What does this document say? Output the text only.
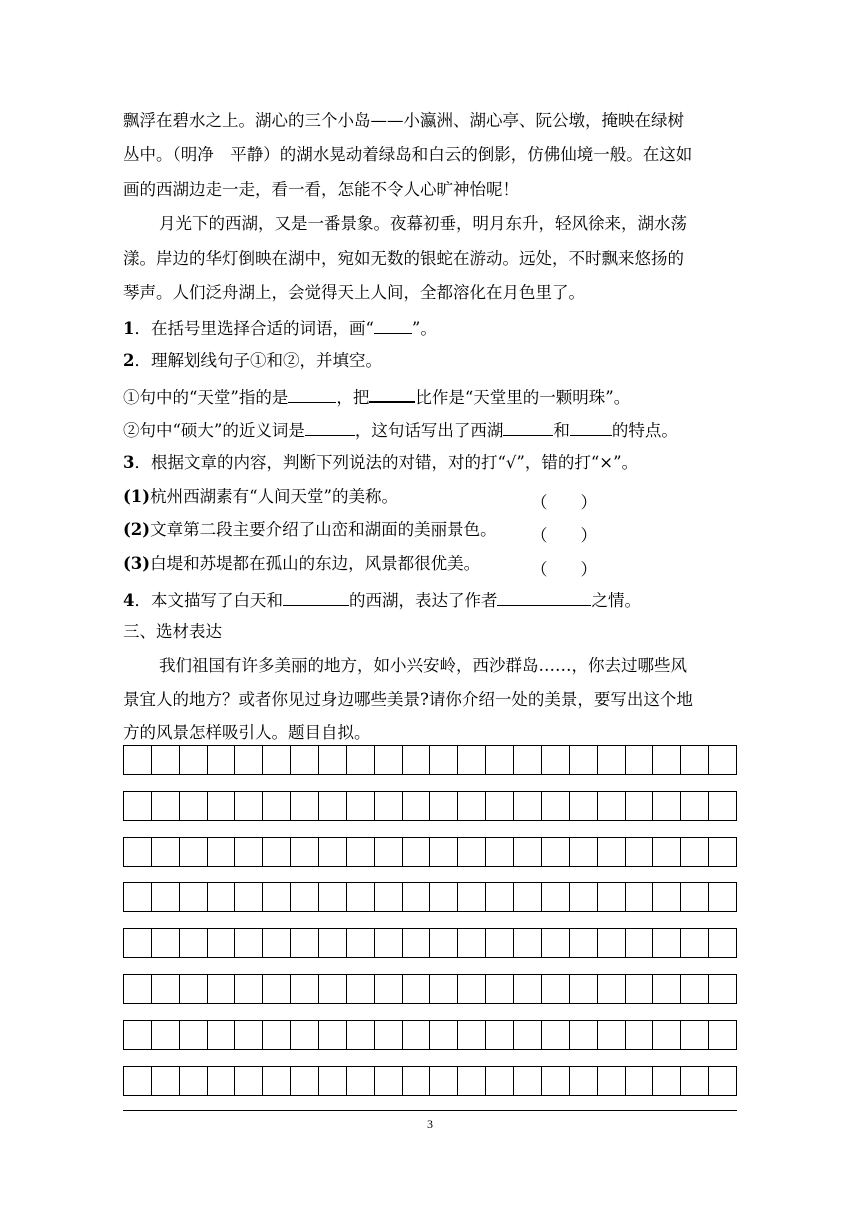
飘浮在碧水之上。湖心的三个小岛——小瀛洲、湖心亭、阮公墩，掩映在绿树
丛中。（明净　平静）的湖水晃动着绿岛和白云的倒影，仿佛仙境一般。在这如
画的西湖边走一走，看一看，怎能不令人心旷神怡呢！
月光下的西湖，又是一番景象。夜幕初垂，明月东升，轻风徐来，湖水荡
漾。岸边的华灯倒映在湖中，宛如无数的银蛇在游动。远处，不时飘来悠扬的
琴声。人们泛舟湖上，会觉得天上人间，全都溶化在月色里了。
1．在括号里选择合适的词语，画“ ”。
2．理解划线句子①和②，并填空。
①句中的“天堂”指的是	，把	比作是“天堂里的一颗明珠”。
②句中“硕大”的近义词是	，这句话写出了西湖	和	的特点。
3．根据文章的内容，判断下列说法的对错，对的打“√”，错的打“×”。
(1)杭州西湖素有“人间天堂”的美称。	（　　）
(2)文章第二段主要介绍了山峦和湖面的美丽景色。 （　　）
(3)白堤和苏堤都在孤山的东边，风景都很优美。	（　　）
4．本文描写了白天和	的西湖，表达了作者	之情。
三、选材表达
我们祖国有许多美丽的地方，如小兴安岭，西沙群岛……，你去过哪些风
景宜人的地方？或者你见过身边哪些美景?请你介绍一处的美景，要写出这个地
方的风景怎样吸引人。题目自拟。
3
